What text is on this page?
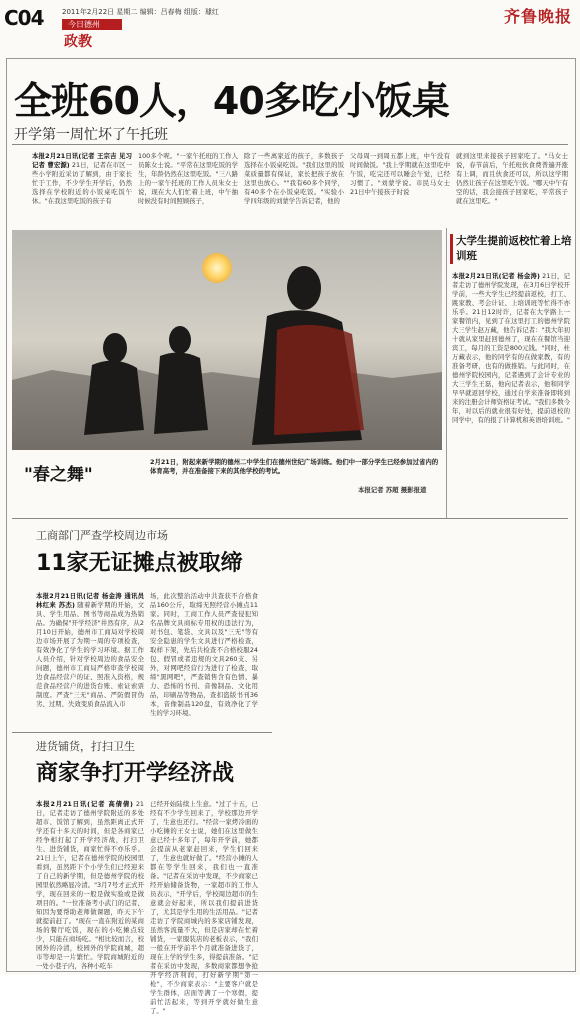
C04	2011年2月22日 星期二 编辑：吕春梅 组版：璩红
今日德州
政教
齐鲁晚报
全班60人，40多吃小饭桌
开学第一周忙坏了午托班
本报2月21日讯(记者 王宗吉 见习记者 曹宏源) 21日，记者在市区一些小学附近采访了解到，由于家长忙于工作，不少学生开学后，仍然选择在学校附近的小饭桌吃饭午休。"在我这里吃饭的孩子有
100多个呢。"一家午托班的工作人员陈女士说。"平常在这里吃饭的学生，年龄仍然在这里吃饭。"三八路上的一家午托班的工作人员朱女士说，现在大人们忙着上班，中午抽时候没有时间照顾孩子，
除了一些离家近的孩子，多数孩子选择在小饭桌吃饭。"我们这里的饭菜质量都有保证，家长把孩子放在这里也放心。""我有60多个同学，有40多个在小饭桌吃饭。"实验小学四年级的刘蒙学告诉记者，他的
父母周一到周五都上班，中午没有时间做饭。"我上学期就在这里吃中午饭，吃完还可以睡会午觉，已经习惯了。"刘蒙学说。市民马女士21日中午接孩子时说
就到这里来接孩子回家吃了。"马女士说，春节前后，午托班伙食费普遍开涨有上调，而且伙食还可以，所以这学期仍然让孩子在这里吃午饭。"哪天中午有空的话，我会接孩子回家吃，平常孩子就在这里吃。"
"春之舞"
2月21日，附起来新学期的德州二中学生们在德州世纪广场训练。他们中一部分学生已经参加过省内的体育高考，并在准备接下来的其他学校的考试。
本报记者 苏超 摄影报道
大学生提前返校忙着上培训班
本报2月21日讯(记者 杨金涛) 21日，记者走访了德州学院发现，在3月6日学校开学前，一些大学生已经提前返校，打工、跳家教、考会计证、上培训班等忙得不亦乐乎。21日12时许，记者在大学路上一家餐馆内，见到了在这里打工的德州学院大三学生赵万藏，他告诉记者："我大年初十就从家里赶回德州了，现在在餐馆当迎宾工，每月的工资是800元钱。"同时，杜万藏表示，他的同学有的在做家教，有的准备考研，也有的做推销。与此同时，在德州学院校园内，记者遇到了会计专业的大三学生王磊，他向记者表示，他和同学早早就返回学校，通过自学来准备即将到来的注册会计师资格证考试。"我们多数今年，对以后的就业很有好处，提前返校的同学中，有的报了计算机和英语培训班。"
工商部门严查学校周边市场
11家无证摊点被取缔
本报2月21日讯(记者 杨金涛 通讯员 林红来 苏杰) 随着新学期的开始，文具、学生用品、图书等商品成为热销品。为确保"开学经济"井然有序，从2月10日开始，德州市工商局对学校周边市场开展了为期一周的专项检查，有效净化了学生的学习环境。据工作人员介绍，针对学校周边的食品安全问题，德州市工商局严格审查学校周边食品经营户的证、照准入资格，规范食品经营户的进货台账、索证索票制度。严查"三无"商品、严防假冒伪劣、过期、失效变质食品流入市
场，此次整治活动中共查获不合格食品160公斤，取缔无照经营小摊点11家。同时，工商工作人员严查侵犯知名品牌文具商标专用权的违法行为，对书包、笔袋、文具以及"三无"等有安全隐患的学生文具进行严格检查，取样下架，先后共检查不合格校服24包、假冒或者违规的文具260支、另外，对网吧经营行为进行了检查，取缔"黑网吧"，严查销售含有色情、暴力、恐怖的书刊、音像制品、文化用品，印刷品等物品，查扣盗版书刊36本，音像制品120盘，有效净化了学生的学习环境。
进货铺货，打扫卫生
商家争打开学经济战
本报2月21日讯(记者 高倩倩) 21日，记者走访了德州学院附近的多处超市、饭馆了解到，虽然距离正式开学还有十多天的时间，但是各商家已经争相打起了开学经济战，打扫卫生、进货铺货，商家忙得不亦乐乎。21日上午，记者在德州学院的校园里看到，虽然距下个小学生们已经迎来了自己的新学期，但是德州学院的校园里依然略显冷清。"3月7号才正式开学，现在回来的一般是做实验或是做项目的。"一位准备考小武门的记者，知因为要帮助老师做课题，昨天下午就提前赶了。"现在一直在附近的某商场的餐厅吃饭，现在的小吃摊点较少，只能在商场吃。"相比较而言，校园外的冷清，校园外的学院商城，超市等却是一片繁忙。学院商城附近的一处小巷子内，各种小吃车
已经开始陆续上生意。"过了十五，已经有不少学生回来了，学校那边开学了，生意也还行。"经营一家烤冷面的小吃摊的王女士说，她们在这里做生意已经十多年了，每年开学前，她都会提前从老家赶回来，学生们回来了，生意也就好做了。"经营小摊的人都在等学生回来，我们也一直准备。"记者在采访中发现，不少商家已经开始储备货物，一家超市的工作人员表示，"开学后，学校周边超市的生意就会好起来，所以我们提前进货了，尤其是学生用的生活用品。"记者走访了学院商城内的多家店铺发现，虽然客流量不大，但是店家却在忙着铺货，一家服装店的老板表示，"我们一般在开学前半个月就准备进货了，现在上学的学生多，得提前准备。"记者在采访中发现，多数商家都想争抢开学经济利润，打好新学期"第一枪"，不少商家表示："主要客户就是学生群体，店面等满了一个寒假，提前忙活起来，等到开学就好做生意了。"
